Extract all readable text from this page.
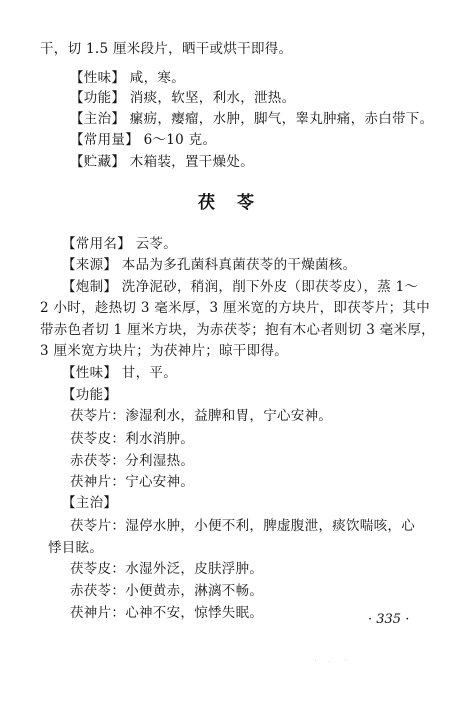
干，切 1.5 厘米段片，晒干或烘干即得。
【性味】 咸，寒。
【功能】 消痰，软坚，利水，泄热。
【主治】 瘰疬，瘿瘤，水肿，脚气，睾丸肿痛，赤白带下。
【常用量】 6～10 克。
【贮藏】 木箱装，置干燥处。
茯苓
【常用名】 云苓。
【来源】 本品为多孔菌科真菌茯苓的干燥菌核。
【炮制】 洗净泥砂，稍润，削下外皮（即茯苓皮），蒸 1～
2 小时，趁热切 3 毫米厚，3 厘米宽的方块片，即茯苓片；其中
带赤色者切 1 厘米方块，为赤茯苓；抱有木心者则切 3 毫米厚，
3 厘米宽方块片；为茯神片；晾干即得。
【性味】 甘，平。
【功能】
茯苓片：渗湿利水，益脾和胃，宁心安神。
茯苓皮：利水消肿。
赤茯苓：分利湿热。
茯神片：宁心安神。
【主治】
茯苓片：湿停水肿，小便不利，脾虚腹泄，痰饮喘咳，心
悸目眩。
茯苓皮：水湿外泛，皮肤浮肿。
赤茯苓：小便黄赤，淋漓不畅。
茯神片：心神不安，惊悸失眠。	· 335 ·
